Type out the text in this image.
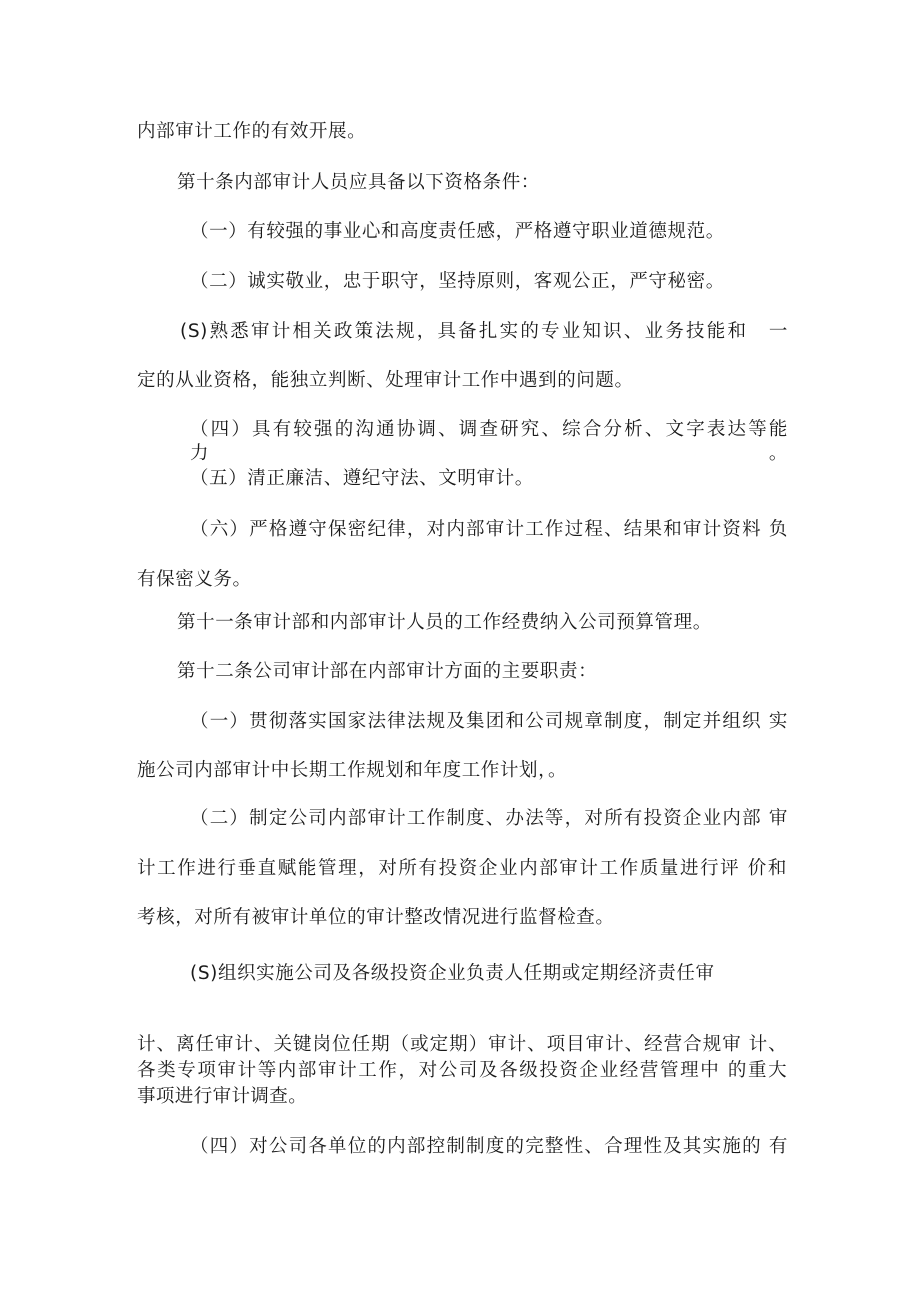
内部审计工作的有效开展。

第十条内部审计人员应具备以下资格条件：

（一）有较强的事业心和高度责任感，严格遵守职业道德规范。

（二）诚实敬业，忠于职守，坚持原则，客观公正，严守秘密。

(S)熟悉审计相关政策法规，具备扎实的专业知识、业务技能和　一

定的从业资格，能独立判断、处理审计工作中遇到的问题。

（四）具有较强的沟通协调、调查研究、综合分析、文字表达等能 力。

（五）清正廉洁、遵纪守法、文明审计。

（六）严格遵守保密纪律，对内部审计工作过程、结果和审计资料 负

有保密义务。

第十一条审计部和内部审计人员的工作经费纳入公司预算管理。

第十二条公司审计部在内部审计方面的主要职责：

（一）贯彻落实国家法律法规及集团和公司规章制度，制定并组织 实

施公司内部审计中长期工作规划和年度工作计划，。

（二）制定公司内部审计工作制度、办法等，对所有投资企业内部 审

计工作进行垂直赋能管理，对所有投资企业内部审计工作质量进行评 价和

考核，对所有被审计单位的审计整改情况进行监督检查。

(S)组织实施公司及各级投资企业负责人任期或定期经济责任审

计、离任审计、关键岗位任期（或定期）审计、项目审计、经营合规审 计、

各类专项审计等内部审计工作，对公司及各级投资企业经营管理中 的重大

事项进行审计调查。

（四）对公司各单位的内部控制制度的完整性、合理性及其实施的 有
